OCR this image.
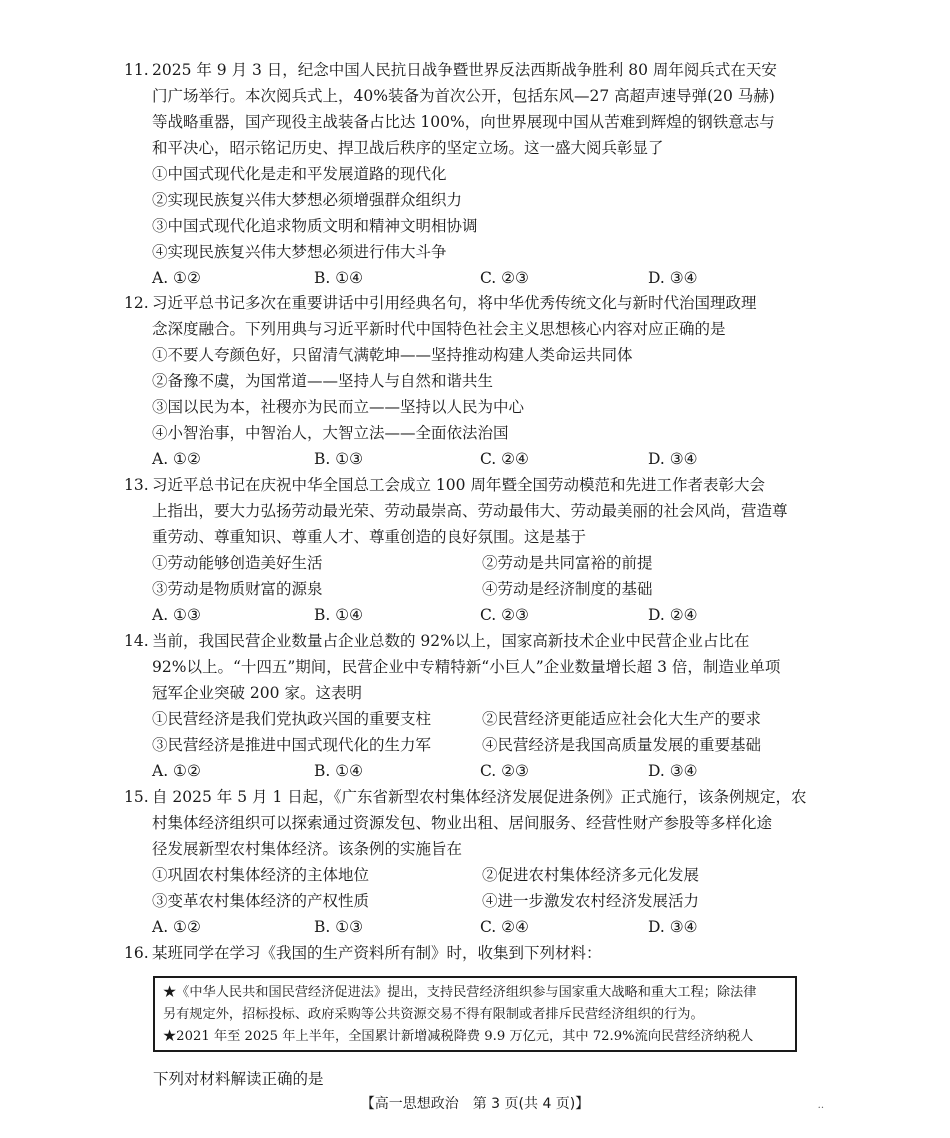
11. 2025 年 9 月 3 日，纪念中国人民抗日战争暨世界反法西斯战争胜利 80 周年阅兵式在天安
门广场举行。本次阅兵式上，40%装备为首次公开，包括东风—27 高超声速导弹(20 马赫)
等战略重器，国产现役主战装备占比达 100%，向世界展现中国从苦难到辉煌的钢铁意志与
和平决心，昭示铭记历史、捍卫战后秩序的坚定立场。这一盛大阅兵彰显了
①中国式现代化是走和平发展道路的现代化
②实现民族复兴伟大梦想必须增强群众组织力
③中国式现代化追求物质文明和精神文明相协调
④实现民族复兴伟大梦想必须进行伟大斗争
A. ①②	B. ①④	C. ②③	D. ③④
12. 习近平总书记多次在重要讲话中引用经典名句，将中华优秀传统文化与新时代治国理政理
念深度融合。下列用典与习近平新时代中国特色社会主义思想核心内容对应正确的是
①不要人夸颜色好，只留清气满乾坤——坚持推动构建人类命运共同体
②备豫不虞，为国常道——坚持人与自然和谐共生
③国以民为本，社稷亦为民而立——坚持以人民为中心
④小智治事，中智治人，大智立法——全面依法治国
A. ①②	B. ①③	C. ②④	D. ③④
13. 习近平总书记在庆祝中华全国总工会成立 100 周年暨全国劳动模范和先进工作者表彰大会
上指出，要大力弘扬劳动最光荣、劳动最崇高、劳动最伟大、劳动最美丽的社会风尚，营造尊
重劳动、尊重知识、尊重人才、尊重创造的良好氛围。这是基于
①劳动能够创造美好生活	②劳动是共同富裕的前提
③劳动是物质财富的源泉	④劳动是经济制度的基础
A. ①③	B. ①④	C. ②③	D. ②④
14. 当前，我国民营企业数量占企业总数的 92%以上，国家高新技术企业中民营企业占比在
92%以上。“十四五”期间，民营企业中专精特新“小巨人”企业数量增长超 3 倍，制造业单项
冠军企业突破 200 家。这表明
①民营经济是我们党执政兴国的重要支柱	②民营经济更能适应社会化大生产的要求
③民营经济是推进中国式现代化的生力军	④民营经济是我国高质量发展的重要基础
A. ①②	B. ①④	C. ②③	D. ③④
15. 自 2025 年 5 月 1 日起，《广东省新型农村集体经济发展促进条例》正式施行，该条例规定，农
村集体经济组织可以探索通过资源发包、物业出租、居间服务、经营性财产参股等多样化途
径发展新型农村集体经济。该条例的实施旨在
①巩固农村集体经济的主体地位	②促进农村集体经济多元化发展
③变革农村集体经济的产权性质	④进一步激发农村经济发展活力
A. ①②	B. ①③	C. ②④	D. ③④
16. 某班同学在学习《我国的生产资料所有制》时，收集到下列材料：
★《中华人民共和国民营经济促进法》提出，支持民营经济组织参与国家重大战略和重大工程；除法律
另有规定外，招标投标、政府采购等公共资源交易不得有限制或者排斥民营经济组织的行为。
★2021 年至 2025 年上半年，全国累计新增减税降费 9.9 万亿元，其中 72.9%流向民营经济纳税人
下列对材料解读正确的是
【高一思想政治　第 3 页(共 4 页)】	..
